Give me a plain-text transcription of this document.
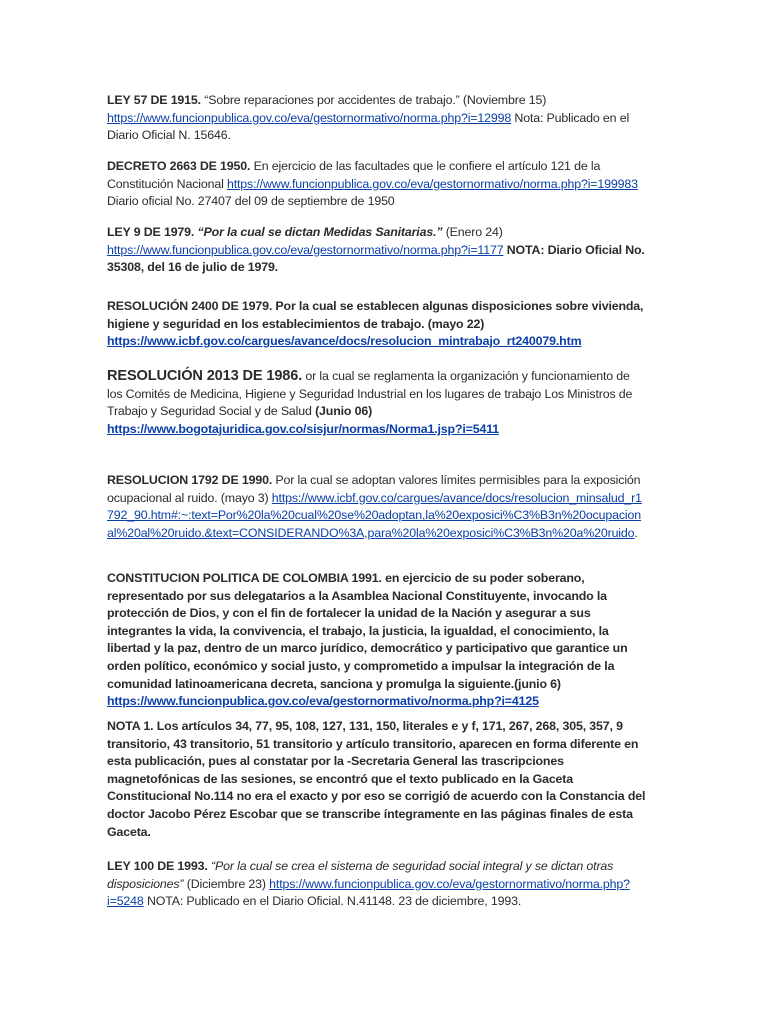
LEY 57 DE 1915. “Sobre reparaciones por accidentes de trabajo.” (Noviembre 15) https://www.funcionpublica.gov.co/eva/gestornormativo/norma.php?i=12998 Nota: Publicado en el Diario Oficial N. 15646.

DECRETO 2663 DE 1950. En ejercicio de las facultades que le confiere el artículo 121 de la Constitución Nacional https://www.funcionpublica.gov.co/eva/gestornormativo/norma.php?i=199983 Diario oficial No. 27407 del 09 de septiembre de 1950

LEY 9 DE 1979. “Por la cual se dictan Medidas Sanitarias.” (Enero 24) https://www.funcionpublica.gov.co/eva/gestornormativo/norma.php?i=1177 NOTA: Diario Oficial No. 35308, del 16 de julio de 1979.

RESOLUCIÓN 2400 DE 1979. Por la cual se establecen algunas disposiciones sobre vivienda, higiene y seguridad en los establecimientos de trabajo. (mayo 22) https://www.icbf.gov.co/cargues/avance/docs/resolucion_mintrabajo_rt240079.htm

RESOLUCIÓN 2013 DE 1986. or la cual se reglamenta la organización y funcionamiento de los Comités de Medicina, Higiene y Seguridad Industrial en los lugares de trabajo Los Ministros de Trabajo y Seguridad Social y de Salud (Junio 06)
https://www.bogotajuridica.gov.co/sisjur/normas/Norma1.jsp?i=5411

RESOLUCION 1792 DE 1990. Por la cual se adoptan valores límites permisibles para la exposición ocupacional al ruido. (mayo 3) https://www.icbf.gov.co/cargues/avance/docs/resolucion_minsalud_r1792_90.htm#:~:text=Por%20la%20cual%20se%20adoptan,la%20exposici%C3%B3n%20ocupacional%20al%20ruido.&text=CONSIDERANDO%3A,para%20la%20exposici%C3%B3n%20a%20ruido.

CONSTITUCION POLITICA DE COLOMBIA 1991. en ejercicio de su poder soberano, representado por sus delegatarios a la Asamblea Nacional Constituyente, invocando la protección de Dios, y con el fin de fortalecer la unidad de la Nación y asegurar a sus integrantes la vida, la convivencia, el trabajo, la justicia, la igualdad, el conocimiento, la libertad y la paz, dentro de un marco jurídico, democrático y participativo que garantice un orden político, económico y social justo, y comprometido a impulsar la integración de la comunidad latinoamericana decreta, sanciona y promulga la siguiente.(junio 6) https://www.funcionpublica.gov.co/eva/gestornormativo/norma.php?i=4125

NOTA 1. Los artículos 34, 77, 95, 108, 127, 131, 150, literales e y f, 171, 267, 268, 305, 357, 9 transitorio, 43 transitorio, 51 transitorio y artículo transitorio, aparecen en forma diferente en esta publicación, pues al constatar por la -Secretaria General las trascripciones magnetofónicas de las sesiones, se encontró que el texto publicado en la Gaceta Constitucional No.114 no era el exacto y por eso se corrigió de acuerdo con la Constancia del doctor Jacobo Pérez Escobar que se transcribe íntegramente en las páginas finales de esta Gaceta.

LEY 100 DE 1993. “Por la cual se crea el sistema de seguridad social integral y se dictan otras disposiciones” (Diciembre 23) https://www.funcionpublica.gov.co/eva/gestornormativo/norma.php?i=5248 NOTA: Publicado en el Diario Oficial. N.41148. 23 de diciembre, 1993.
